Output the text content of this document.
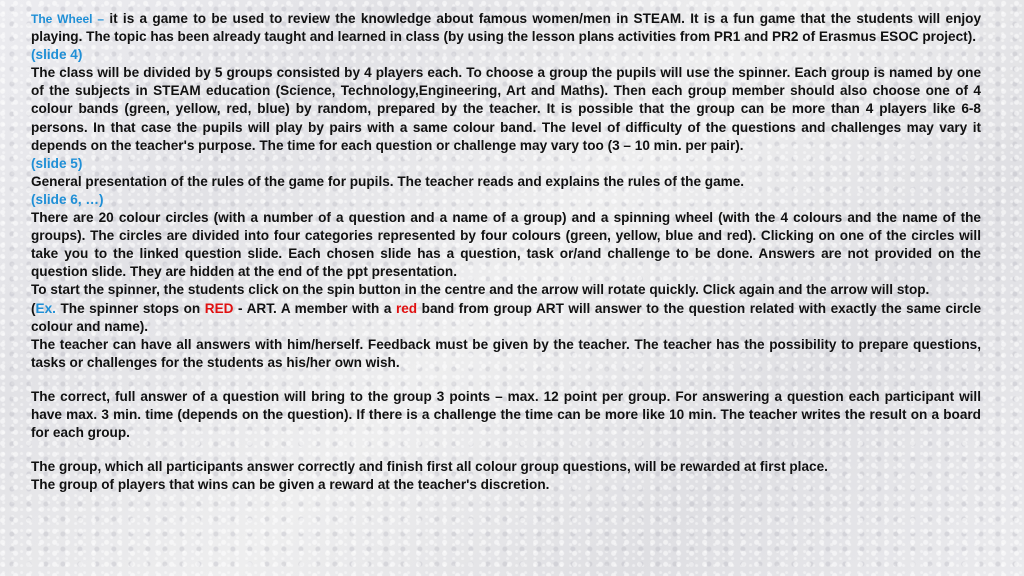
The Wheel – it is a game to be used to review the knowledge about famous women/men in STEAM. It is a fun game that the students will enjoy playing. The topic has been already taught and learned in class (by using the lesson plans activities from PR1 and PR2 of Erasmus ESOC project).

(slide 4)

The class will be divided by 5 groups consisted by 4 players each. To choose a group the pupils will use the spinner. Each group is named by one of the subjects in STEAM education (Science, Technology,Engineering, Art and Maths). Then each group member should also choose one of 4 colour bands (green, yellow, red, blue) by random, prepared by the teacher. It is possible that the group can be more than 4 players like 6-8 persons. In that case the pupils will play by pairs with a same colour band. The level of difficulty of the questions and challenges may vary it depends on the teacher's purpose. The time for each question or challenge may vary too (3 – 10 min. per pair).

(slide 5)

General presentation of the rules of the game for pupils. The teacher reads and explains the rules of the game.

(slide 6, …)

There are 20 colour circles (with a number of a question and a name of a group) and a spinning wheel (with the 4 colours and the name of the groups). The circles are divided into four categories represented by four colours (green, yellow, blue and red). Clicking on one of the circles will take you to the linked question slide. Each chosen slide has a question, task or/and challenge to be done. Answers are not provided on the question slide. They are hidden at the end of the ppt presentation.

To start the spinner, the students click on the spin button in the centre and the arrow will rotate quickly. Click again and the arrow will stop.

(Ex. The spinner stops on RED - ART. A member with a red band from group ART will answer to the question related with exactly the same circle colour and name).

The teacher can have all answers with him/herself. Feedback must be given by the teacher. The teacher has the possibility to prepare questions, tasks or challenges for the students as his/her own wish.

The correct, full answer of a question will bring to the group 3 points – max. 12 point per group. For answering a question each participant will have max. 3 min. time (depends on the question). If there is a challenge the time can be more like 10 min. The teacher writes the result on a board for each group.

The group, which all participants answer correctly and finish first all colour group questions, will be rewarded at first place.

The group of players that wins can be given a reward at the teacher's discretion.
